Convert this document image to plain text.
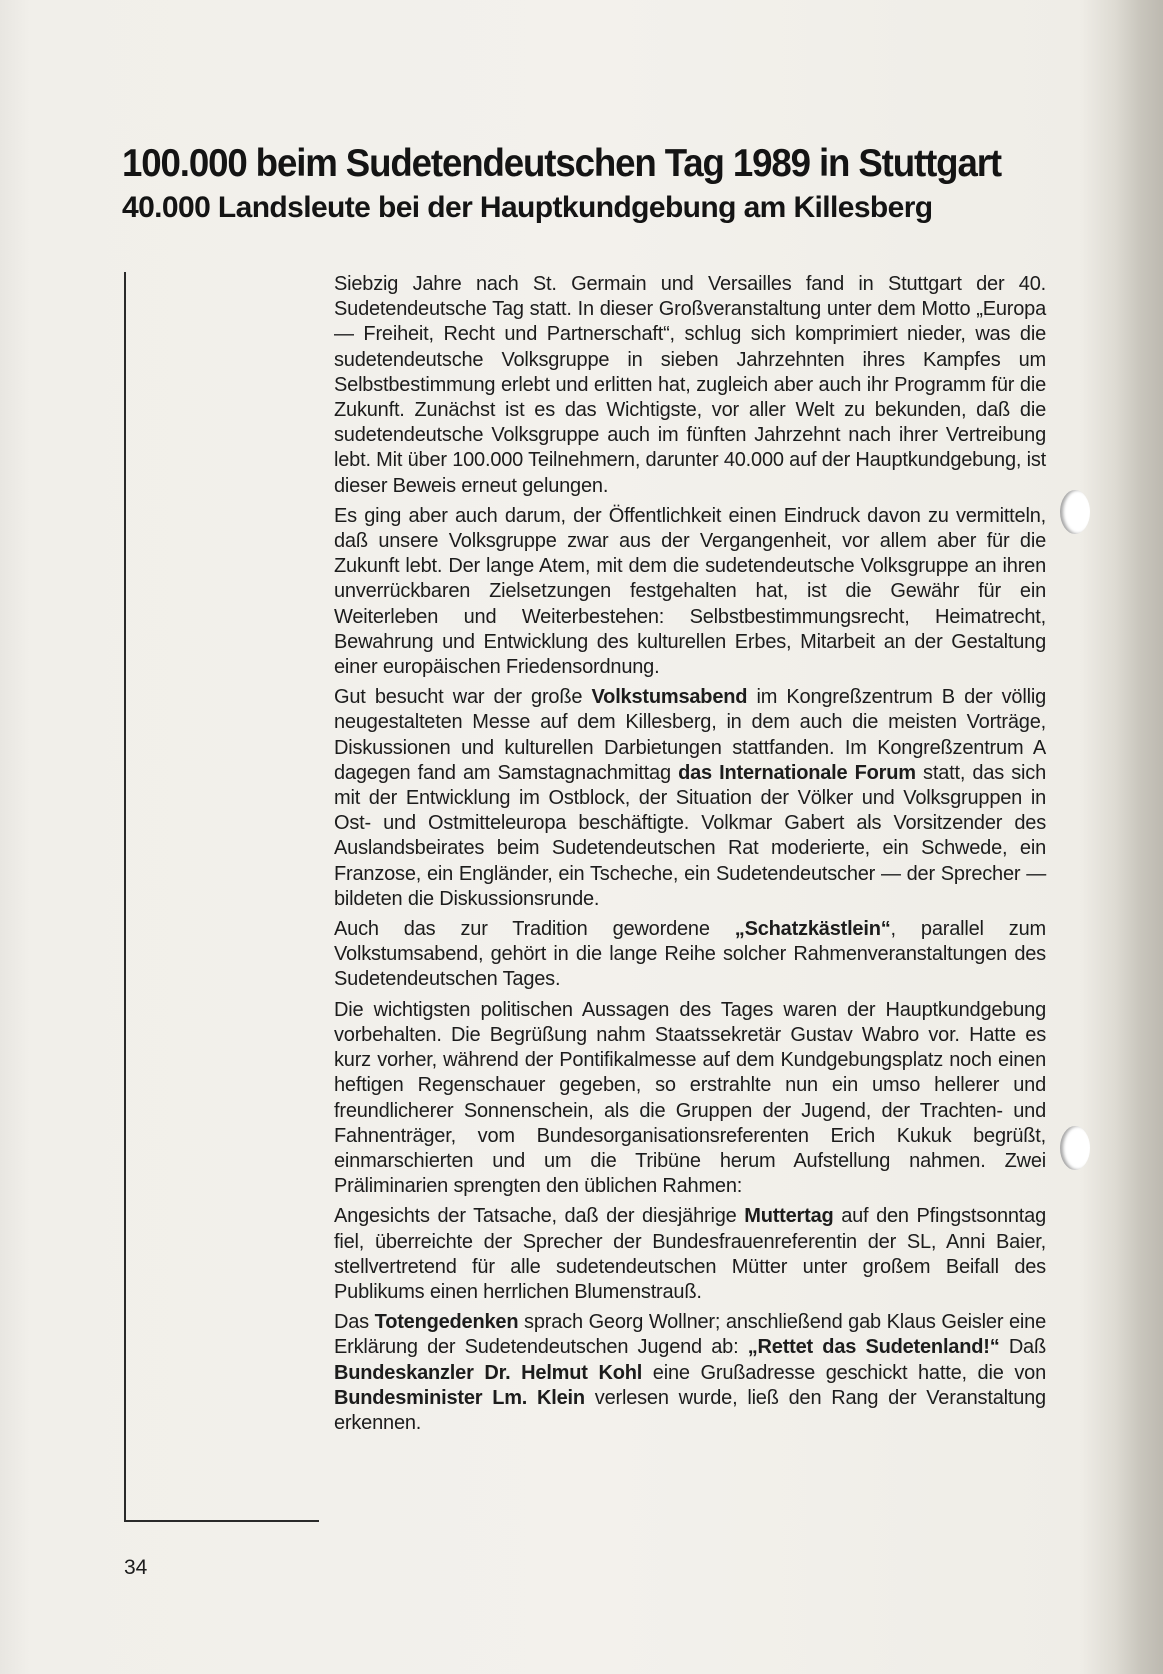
100.000 beim Sudetendeutschen Tag 1989 in Stuttgart
40.000 Landsleute bei der Hauptkundgebung am Killesberg

Siebzig Jahre nach St. Germain und Versailles fand in Stuttgart der 40. Sudetendeutsche Tag statt. In dieser Großveranstaltung unter dem Motto „Europa — Freiheit, Recht und Partnerschaft“, schlug sich komprimiert nieder, was die sudetendeutsche Volksgruppe in sieben Jahrzehnten ihres Kampfes um Selbstbestimmung erlebt und erlitten hat, zugleich aber auch ihr Programm für die Zukunft. Zunächst ist es das Wichtigste, vor aller Welt zu bekunden, daß die sudetendeutsche Volksgruppe auch im fünften Jahrzehnt nach ihrer Vertreibung lebt. Mit über 100.000 Teilnehmern, darunter 40.000 auf der Hauptkundgebung, ist dieser Beweis erneut gelungen.

Es ging aber auch darum, der Öffentlichkeit einen Eindruck davon zu vermitteln, daß unsere Volksgruppe zwar aus der Vergangenheit, vor allem aber für die Zukunft lebt. Der lange Atem, mit dem die sudetendeutsche Volksgruppe an ihren unverrückbaren Zielsetzungen festgehalten hat, ist die Gewähr für ein Weiterleben und Weiterbestehen: Selbstbestimmungsrecht, Heimatrecht, Bewahrung und Entwicklung des kulturellen Erbes, Mitarbeit an der Gestaltung einer europäischen Friedensordnung.

Gut besucht war der große Volkstumsabend im Kongreßzentrum B der völlig neugestalteten Messe auf dem Killesberg, in dem auch die meisten Vorträge, Diskussionen und kulturellen Darbietungen stattfanden. Im Kongreßzentrum A dagegen fand am Samstagnachmittag das Internationale Forum statt, das sich mit der Entwicklung im Ostblock, der Situation der Völker und Volksgruppen in Ost- und Ostmitteleuropa beschäftigte. Volkmar Gabert als Vorsitzender des Auslandsbeirates beim Sudetendeutschen Rat moderierte, ein Schwede, ein Franzose, ein Engländer, ein Tscheche, ein Sudetendeutscher — der Sprecher — bildeten die Diskussionsrunde.

Auch das zur Tradition gewordene „Schatzkästlein“, parallel zum Volkstumsabend, gehört in die lange Reihe solcher Rahmenveranstaltungen des Sudetendeutschen Tages.

Die wichtigsten politischen Aussagen des Tages waren der Hauptkundgebung vorbehalten. Die Begrüßung nahm Staatssekretär Gustav Wabro vor. Hatte es kurz vorher, während der Pontifikalmesse auf dem Kundgebungsplatz noch einen heftigen Regenschauer gegeben, so erstrahlte nun ein umso hellerer und freundlicherer Sonnenschein, als die Gruppen der Jugend, der Trachten- und Fahnenträger, vom Bundesorganisationsreferenten Erich Kukuk begrüßt, einmarschierten und um die Tribüne herum Aufstellung nahmen. Zwei Präliminarien sprengten den üblichen Rahmen:

Angesichts der Tatsache, daß der diesjährige Muttertag auf den Pfingstsonntag fiel, überreichte der Sprecher der Bundesfrauenreferentin der SL, Anni Baier, stellvertretend für alle sudetendeutschen Mütter unter großem Beifall des Publikums einen herrlichen Blumenstrauß.

Das Totengedenken sprach Georg Wollner; anschließend gab Klaus Geisler eine Erklärung der Sudetendeutschen Jugend ab: „Rettet das Sudetenland!“ Daß Bundeskanzler Dr. Helmut Kohl eine Grußadresse geschickt hatte, die von Bundesminister Lm. Klein verlesen wurde, ließ den Rang der Veranstaltung erkennen.

34
